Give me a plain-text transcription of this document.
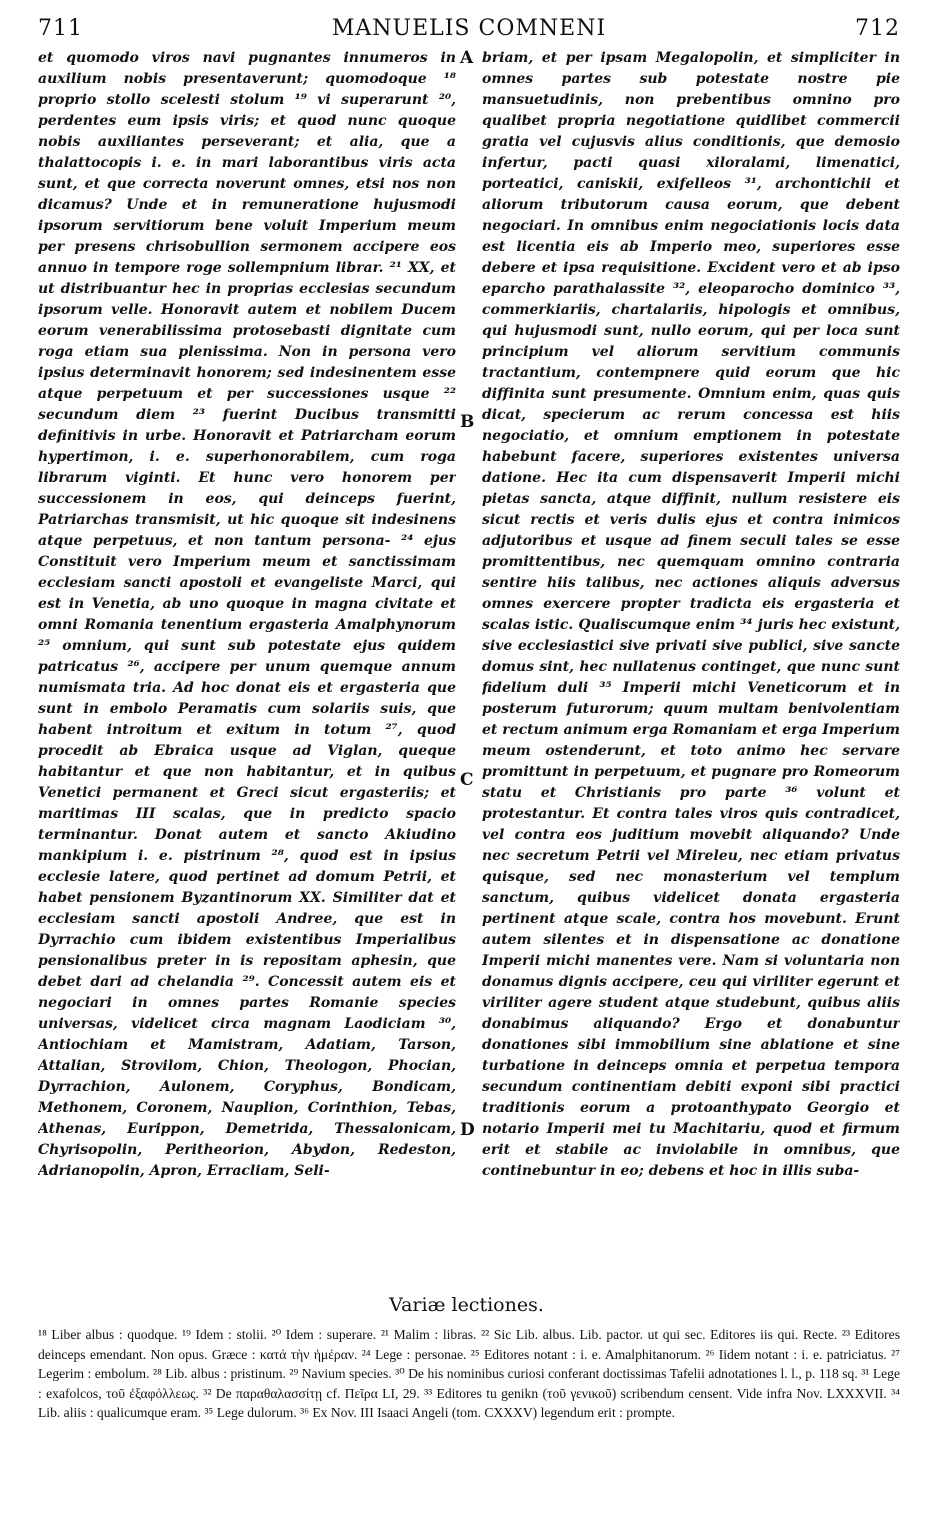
711	MANUELIS COMNENI	712

et quomodo viros navi pugnantes innumeros in auxilium nobis presentaverunt; quomodoque ¹⁸ proprio stollo scelesti stolum ¹⁹ vi superarunt ²⁰, perdentes eum ipsis viris; et quod nunc quoque nobis auxiliantes perseverant; et alia, que a thalattocopis i. e. in mari laborantibus viris acta sunt, et que correcta noverunt omnes, etsi nos non dicamus? Unde et in remuneratione hujusmodi ipsorum servitiorum bene voluit Imperium meum per presens chrisobullion sermonem accipere eos annuo in tempore roge sollempnium librar. ²¹ XX, et ut distribuantur hec in proprias ecclesias secundum ipsorum velle. Honoravit autem et nobilem Ducem eorum venerabilissima protosebasti dignitate cum roga etiam sua plenissima. Non in persona vero ipsius determinavit honorem; sed indesinentem esse atque perpetuum et per successiones usque ²² secundum diem ²³ fuerint Ducibus transmitti definitivis in urbe. Honoravit et Patriarcham eorum hypertimon, i. e. superhonorabilem, cum roga librarum viginti. Et hunc vero honorem per successionem in eos, qui deinceps fuerint, Patriarchas transmisit, ut hic quoque sit indesinens atque perpetuus, et non tantum persona- ²⁴ ejus Constituit vero Imperium meum et sanctissimam ecclesiam sancti apostoli et evangeliste Marci, qui est in Venetia, ab uno quoque in magna civitate et omni Romania tenentium ergasteria Amalphynorum ²⁵ omnium, qui sunt sub potestate ejus quidem patricatus ²⁶, accipere per unum quemque annum numismata tria. Ad hoc donat eis et ergasteria que sunt in embolo Peramatis cum solariis suis, que habent introitum et exitum in totum ²⁷, quod procedit ab Ebraica usque ad Viglan, queque habitantur et que non habitantur, et in quibus Venetici permanent et Greci sicut ergasteriis; et maritimas III scalas, que in predicto spacio terminantur. Donat autem et sancto Akiudino mankipium i. e. pistrinum ²⁸, quod est in ipsius ecclesie latere, quod pertinet ad domum Petrii, et habet pensionem Byzantinorum XX. Similiter dat et ecclesiam sancti apostoli Andree, que est in Dyrrachio cum ibidem existentibus Imperialibus pensionalibus preter in is repositam aphesin, que debet dari ad chelandia ²⁹. Concessit autem eis et negociari in omnes partes Romanie species universas, videlicet circa magnam Laodiciam ³⁰, Antiochiam et Mamistram, Adatiam, Tarson, Attalian, Strovilom, Chion, Theologon, Phocian, Dyrrachion, Aulonem, Coryphus, Bondicam, Methonem, Coronem, Nauplion, Corinthion, Tebas, Athenas, Eurippon, Demetrida, Thessalonicam, Chyrisopolin, Peritheorion, Abydon, Redeston, Adrianopolin, Apron, Erracliam, Seli-

briam, et per ipsam Megalopolin, et simpliciter in omnes partes sub potestate nostre pie mansuetudinis, non prebentibus omnino pro qualibet propria negotiatione quidlibet commercii gratia vel cujusvis alius conditionis, que demosio infertur, pacti quasi xiloralami, limenatici, porteatici, caniskii, exifelleos ³¹, archontichii et aliorum tributorum causa eorum, que debent negociari. In omnibus enim negociationis locis data est licentia eis ab Imperio meo, superiores esse debere et ipsa requisitione. Excident vero et ab ipso eparcho parathalassite ³², eleoparocho dominico ³³, commerkiariis, chartalariis, hipologis et omnibus, qui hujusmodi sunt, nullo eorum, qui per loca sunt principium vel aliorum servitium communis tractantium, contempnere quid eorum que hic diffinita sunt presumente. Omnium enim, quas quis dicat, specierum ac rerum concessa est hiis negociatio, et omnium emptionem in potestate habebunt facere, superiores existentes universa datione. Hec ita cum dispensaverit Imperii michi pietas sancta, atque diffinit, nullum resistere eis sicut rectis et veris dulis ejus et contra inimicos adjutoribus et usque ad finem seculi tales se esse promittentibus, nec quemquam omnino contraria sentire hiis talibus, nec actiones aliquis adversus omnes exercere propter tradicta eis ergasteria et scalas istic. Qualiscumque enim ³⁴ juris hec existunt, sive ecclesiastici sive privati sive publici, sive sancte domus sint, hec nullatenus continget, que nunc sunt fidelium duli ³⁵ Imperii michi Veneticorum et in posterum futurorum; quum multam benivolentiam et rectum animum erga Romaniam et erga Imperium meum ostenderunt, et toto animo hec servare promittunt in perpetuum, et pugnare pro Romeorum statu et Christianis pro parte ³⁶ volunt et protestantur. Et contra tales viros quis contradicet, vel contra eos juditium movebit aliquando? Unde nec secretum Petrii vel Mireleu, nec etiam privatus quisque, sed nec monasterium vel templum sanctum, quibus videlicet donata ergasteria pertinent atque scale, contra hos movebunt. Erunt autem silentes et in dispensatione ac donatione Imperii michi manentes vere. Nam si voluntaria non donamus dignis accipere, ceu qui viriliter egerunt et viriliter agere student atque studebunt, quibus aliis donabimus aliquando? Ergo et donabuntur donationes sibi immobilium sine ablatione et sine turbatione in deinceps omnia et perpetua tempora secundum continentiam debiti exponi sibi practici traditionis eorum a protoanthypato Georgio et notario Imperii mei tu Machitariu, quod et firmum erit et stabile ac inviolabile in omnibus, que continebuntur in eo; debens et hoc in illis suba-

A
B
C
D
Variæ lectiones.

¹⁸ Liber albus : quodque. ¹⁹ Idem : stolii. ²⁰ Idem : superare. ²¹ Malim : libras. ²² Sic Lib. albus. Lib. pactor. ut qui sec. Editores iis qui. Recte. ²³ Editores deinceps emendant. Non opus. Græce : κατά τὴν ἡμέραν. ²⁴ Lege : personae. ²⁵ Editores notant : i. e. Amalphitanorum. ²⁶ Iidem notant : i. e. patriciatus. ²⁷ Legerim : embolum. ²⁸ Lib. albus : pristinum. ²⁹ Navium species. ³⁰ De his nominibus curiosi conferant doctissimas Tafelii adnotationes l. l., p. 118 sq. ³¹ Lege : exafolcos, τοῦ ἐξαφόλλεως. ³² De παραθαλασσίτῃ cf. Πεῖρα LI, 29. ³³ Editores tu genikn (τοῦ γενικοῦ) scribendum censent. Vide infra Nov. LXXXVII. ³⁴ Lib. aliis : qualicumque eram. ³⁵ Lege dulorum. ³⁶ Ex Nov. III Isaaci Angeli (tom. CXXXV) legendum erit : prompte.
